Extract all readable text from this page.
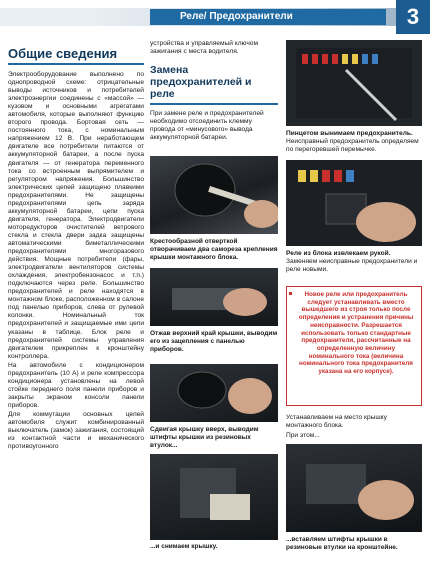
Реле/ Предохранители	3
Общие сведения

Электрооборудование выполнено по однопроводной схеме: отрицательные выводы источников и потребителей электроэнергии соединены с «массой» — кузовом и основными агрегатами автомобиля, которые выполняют функцию второго провода. Бортовая сеть — постоянного тока, с номинальным напряжением 12 В. При неработающем двигателе все потребители питаются от аккумуляторной батареи, а после пуска двигателя — от генератора переменного тока со встроенным выпрямителем и регулятором напряжения. Большинство электрических цепей защищено плавкими предохранителями. Не защищены предохранителями цепь заряда аккумуляторной батареи, цепи пуска двигателя, генератора. Электродвигатели моторедукторов очистителей ветрового стекла и стекла двери задка защищены автоматическими биметаллическими предохранителями многоразового действия. Мощные потребители (фары, электродвигатели вентиляторов системы охлаждения, электробензонасос и т.п.) подключаются через реле. Большинство предохранителей и реле находятся в монтажном блоке, расположенном в салоне под панелью приборов, слева от рулевой колонки. Номинальный ток предохранителей и защищаемые ими цепи указаны в таблице. Блок реле и предохранителей системы управления двигателем прикреплен к кронштейну контроллера.

На автомобиле с кондиционером предохранитель (10 А) и реле компрессора кондиционера установлены на левой стойке переднего поля панели приборов и закрыты экраном консоли панели приборов.

Для коммутации основных цепей автомобиля служит комбинированный выключатель (замок) зажигания, состоящий из контактной части и механического противоугонного

устройства и управляемый ключом зажигания с места водителя.

Замена предохранителей и реле

При замене реле и предохранителей необходимо отсоединить клемму провода от «минусового» вывода аккумуляторной батареи.

Крестообразной отверткой отворачиваем два самореза крепления крышки монтажного блока.
Отжав верхний край крышки, выводим его из зацепления с панелью приборов.
Сдвигая крышку вверх, выводим штифты крышки из резиновых втулок...
...и снимаем крышку.
Пинцетом вынимаем предохранитель. Неисправный предохранитель определяем по перегоревшей перемычке.
Реле из блока извлекаем рукой. Заменяем неисправные предохранители и реле новыми.

Новое реле или предохранитель следует устанавливать вместо вышедшего из строя только после определения и устранения причины неисправности. Разрешается использовать только стандартные предохранители, рассчитанные на определенную величину номинального тока (величина номинального тока предохранителя указана на его корпусе).

Устанавливаем на место крышку монтажного блока.
При этом...
...вставляем штифты крышки в резиновые втулки на кронштейне.
